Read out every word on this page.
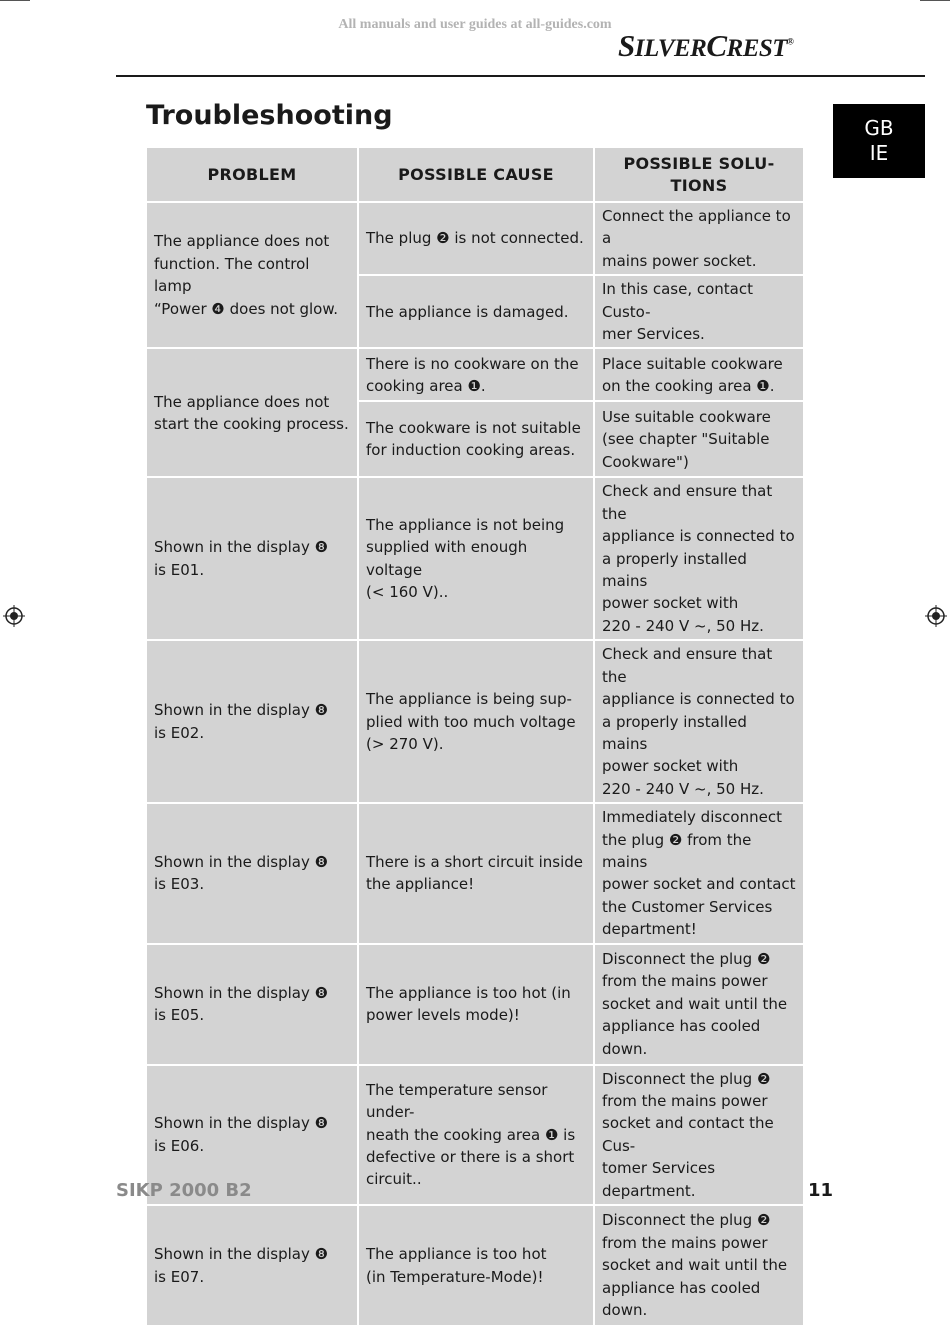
All manuals and user guides at all-guides.com
SILVERCREST®
GB
IE
Troubleshooting
PROBLEM	POSSIBLE CAUSE	POSSIBLE SOLU-
TIONS

The appliance does not
function. The control lamp
“Power ❹ does not glow.	The plug ❷ is not connected.	Connect the appliance to a
mains power socket.

	The appliance is damaged.	In this case, contact Custo-
mer Services.

The appliance does not
start the cooking process.	There is no cookware on the
cooking area ❶.	Place suitable cookware
on the cooking area ❶.

	The cookware is not suitable
for induction cooking areas.	Use suitable cookware
(see chapter "Suitable
Cookware")

Shown in the display ❽
is E01.	The appliance is not being
supplied with enough voltage
(< 160 V)..	Check and ensure that the
appliance is connected to
a properly installed mains
power socket with
220 - 240 V ~, 50 Hz.

Shown in the display ❽
is E02.	The appliance is being sup-
plied with too much voltage
(> 270 V).	Check and ensure that the
appliance is connected to
a properly installed mains
power socket with
220 - 240 V ~, 50 Hz.

Shown in the display ❽
is E03.	There is a short circuit inside
the appliance!	Immediately disconnect
the plug ❷ from the mains
power socket and contact
the Customer Services
department!

Shown in the display ❽
is E05.	The appliance is too hot (in
power levels mode)!	Disconnect the plug ❷
from the mains power
socket and wait until the
appliance has cooled
down.

Shown in the display ❽
is E06.	The temperature sensor under-
neath the cooking area ❶ is
defective or there is a short
circuit..	Disconnect the plug ❷
from the mains power
socket and contact the Cus-
tomer Services department.

Shown in the display ❽
is E07.	The appliance is too hot
(in Temperature-Mode)!	Disconnect the plug ❷
from the mains power
socket and wait until the
appliance has cooled
down.
SIKP 2000 B2	11
